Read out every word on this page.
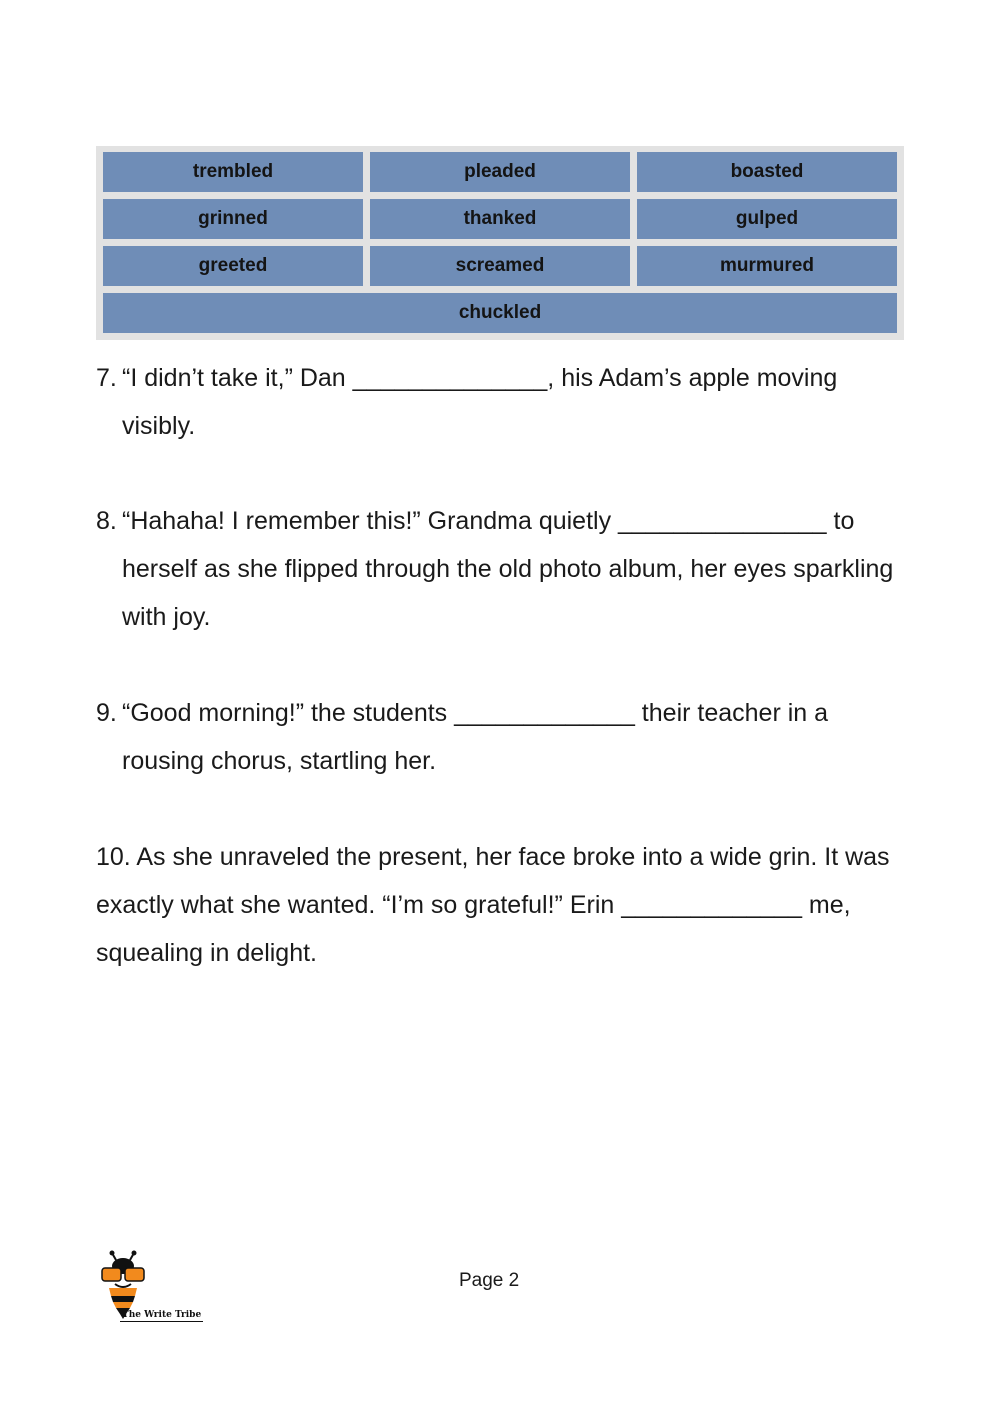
trembled	pleaded	boasted
grinned	thanked	gulped
greeted	screamed	murmured
chuckled
7. “I didn’t take it,” Dan ______________, his Adam’s apple moving visibly.
8. “Hahaha! I remember this!” Grandma quietly _______________ to herself as she flipped through the old photo album, her eyes sparkling with joy.
9. “Good morning!” the students _____________ their teacher in a rousing chorus, startling her.
10. As she unraveled the present, her face broke into a wide grin. It was exactly what she wanted. “I’m so grateful!” Erin _____________ me, squealing in delight.
The Write Tribe
Page 2
